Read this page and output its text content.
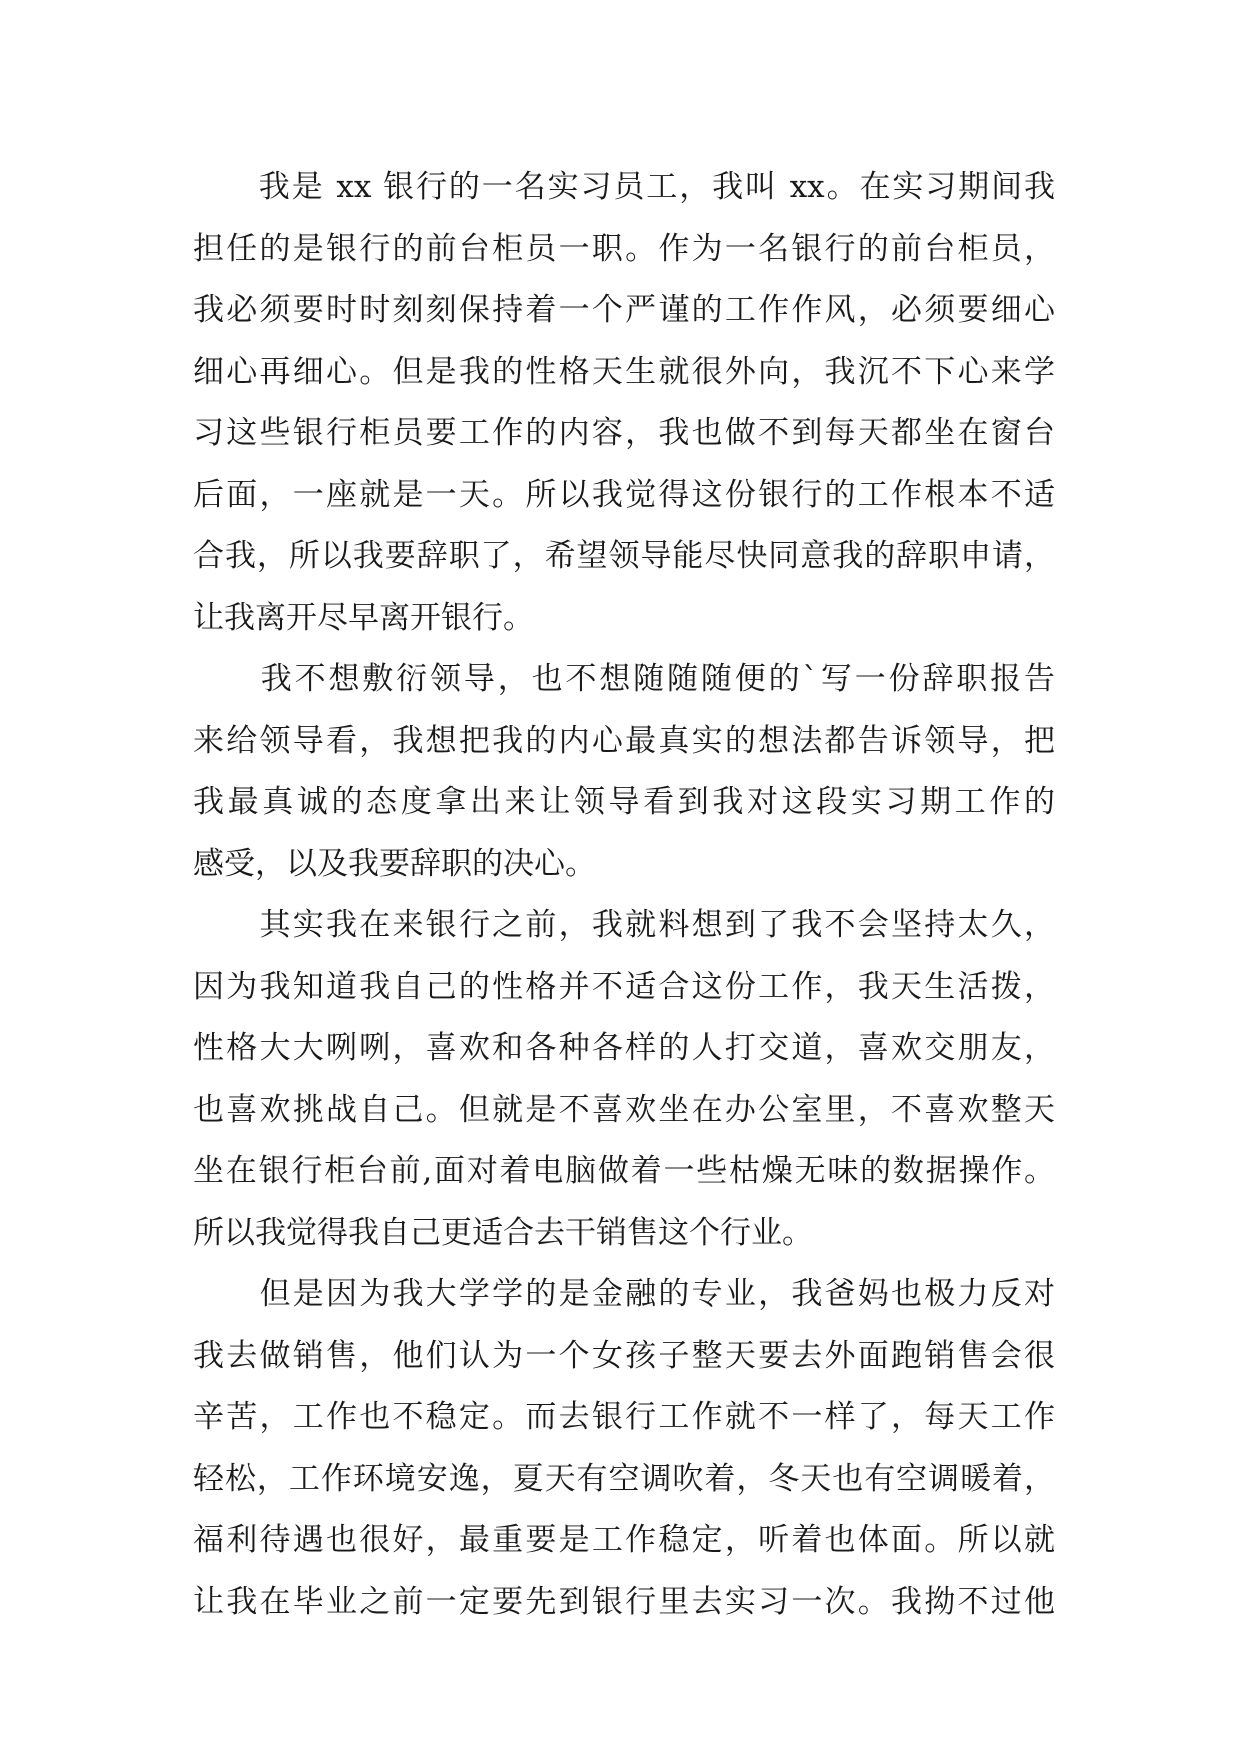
　　我是 xx 银行的一名实习员工，我叫 xx。在实习期间我
担任的是银行的前台柜员一职。作为一名银行的前台柜员，
我必须要时时刻刻保持着一个严谨的工作作风，必须要细心
细心再细心。但是我的性格天生就很外向，我沉不下心来学
习这些银行柜员要工作的内容，我也做不到每天都坐在窗台
后面，一座就是一天。所以我觉得这份银行的工作根本不适
合我，所以我要辞职了，希望领导能尽快同意我的辞职申请，
让我离开尽早离开银行。
　　我不想敷衍领导，也不想随随随便的`写一份辞职报告
来给领导看，我想把我的内心最真实的想法都告诉领导，把
我最真诚的态度拿出来让领导看到我对这段实习期工作的
感受，以及我要辞职的决心。
　　其实我在来银行之前，我就料想到了我不会坚持太久，
因为我知道我自己的性格并不适合这份工作，我天生活拨，
性格大大咧咧，喜欢和各种各样的人打交道，喜欢交朋友，
也喜欢挑战自己。但就是不喜欢坐在办公室里，不喜欢整天
坐在银行柜台前,面对着电脑做着一些枯燥无味的数据操作。
所以我觉得我自己更适合去干销售这个行业。
　　但是因为我大学学的是金融的专业，我爸妈也极力反对
我去做销售，他们认为一个女孩子整天要去外面跑销售会很
辛苦，工作也不稳定。而去银行工作就不一样了，每天工作
轻松，工作环境安逸，夏天有空调吹着，冬天也有空调暖着，
福利待遇也很好，最重要是工作稳定，听着也体面。所以就
让我在毕业之前一定要先到银行里去实习一次。我拗不过他
